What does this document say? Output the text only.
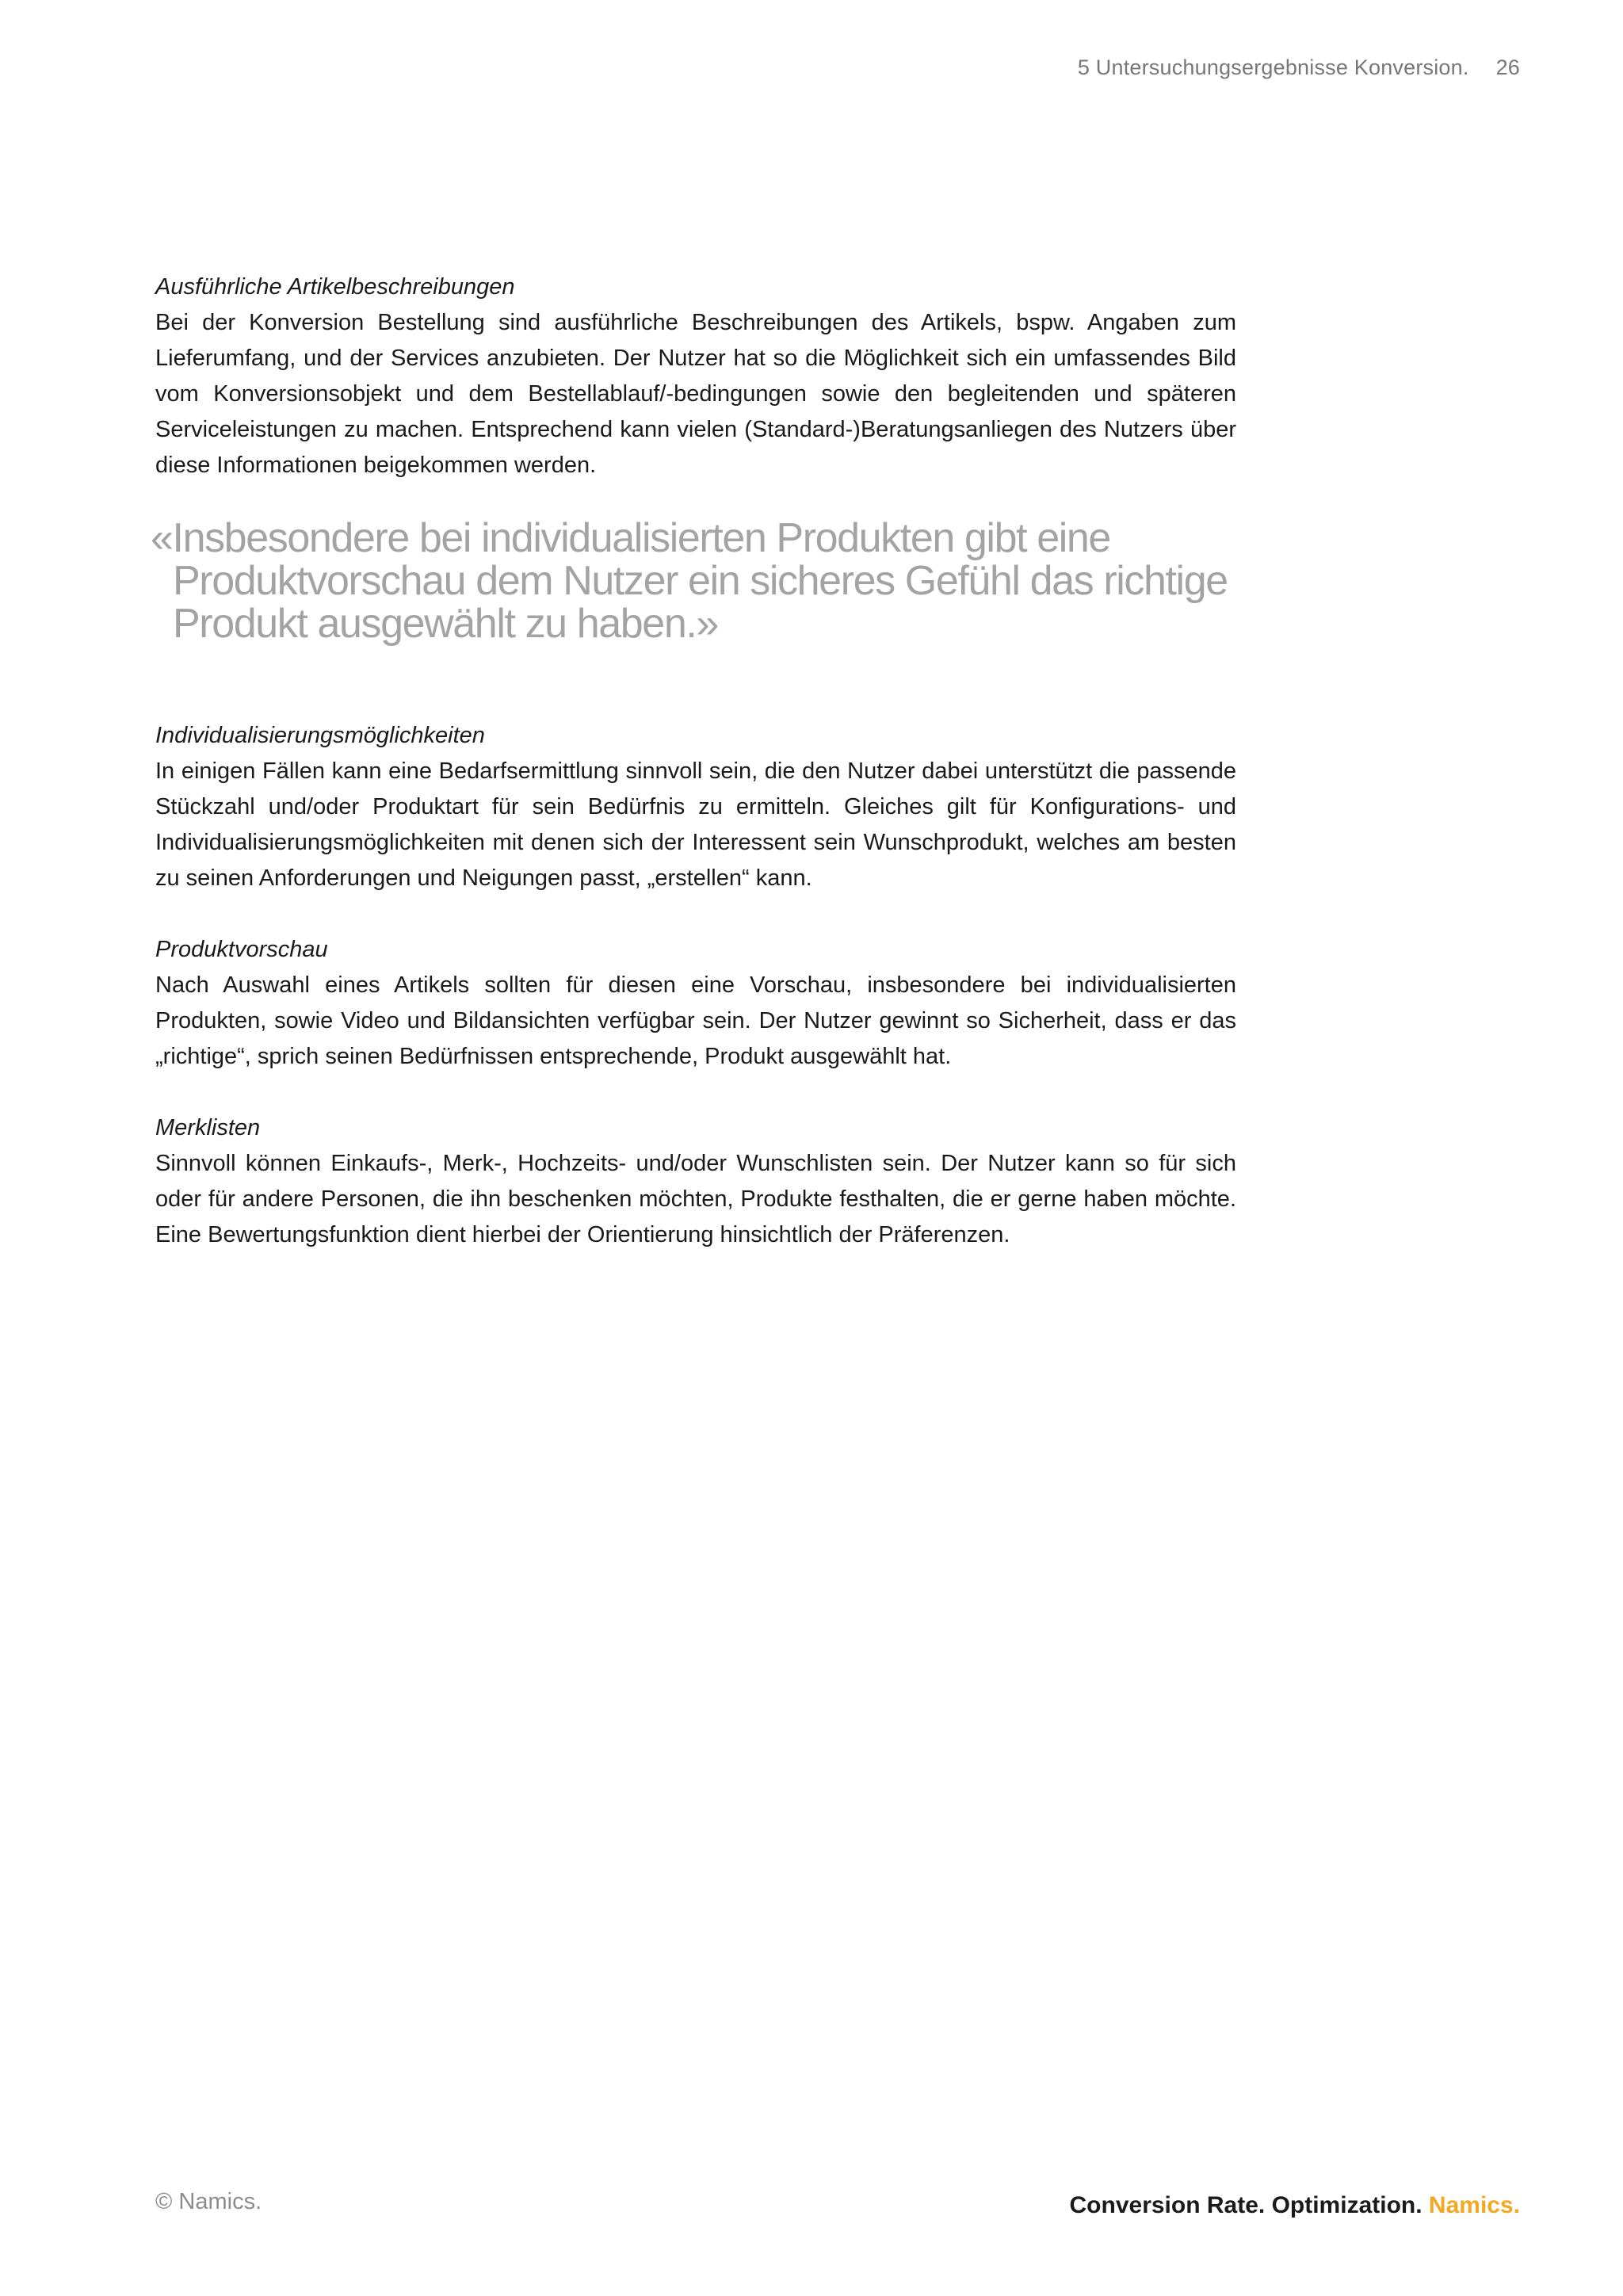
5 Untersuchungsergebnisse Konversion. 26
Ausführliche Artikelbeschreibungen

Bei der Konversion Bestellung sind ausführliche Beschreibungen des Artikels, bspw. Angaben zum Lieferumfang, und der Services anzubieten. Der Nutzer hat so die Möglichkeit sich ein umfassendes Bild vom Konversionsobjekt und dem Bestellablauf/-bedingungen sowie den begleitenden und späteren Serviceleistungen zu machen. Entsprechend kann vielen (Standard-)Beratungsanliegen des Nutzers über diese Informationen beigekommen werden.

«Insbesondere bei individualisierten Produkten gibt eine
Produktvorschau dem Nutzer ein sicheres Gefühl das richtige Produkt ausgewählt zu haben.»
Individualisierungsmöglichkeiten

In einigen Fällen kann eine Bedarfsermittlung sinnvoll sein, die den Nutzer dabei unterstützt die passende Stückzahl und/oder Produktart für sein Bedürfnis zu ermitteln. Gleiches gilt für Konfigurations- und Individualisierungsmöglichkeiten mit denen sich der Interessent sein Wunschprodukt, welches am besten zu seinen Anforderungen und Neigungen passt, „erstellen“ kann.

Produktvorschau

Nach Auswahl eines Artikels sollten für diesen eine Vorschau, insbesondere bei individualisierten Produkten, sowie Video und Bildansichten verfügbar sein. Der Nutzer gewinnt so Sicherheit, dass er das „richtige“, sprich seinen Bedürfnissen entsprechende, Produkt ausgewählt hat.

Merklisten

Sinnvoll können Einkaufs-, Merk-, Hochzeits- und/oder Wunschlisten sein. Der Nutzer kann so für sich oder für andere Personen, die ihn beschenken möchten, Produkte festhalten, die er gerne haben möchte. Eine Bewertungsfunktion dient hierbei der Orientierung hinsichtlich der Präferenzen.

© Namics.	Conversion Rate. Optimization. Namics.
